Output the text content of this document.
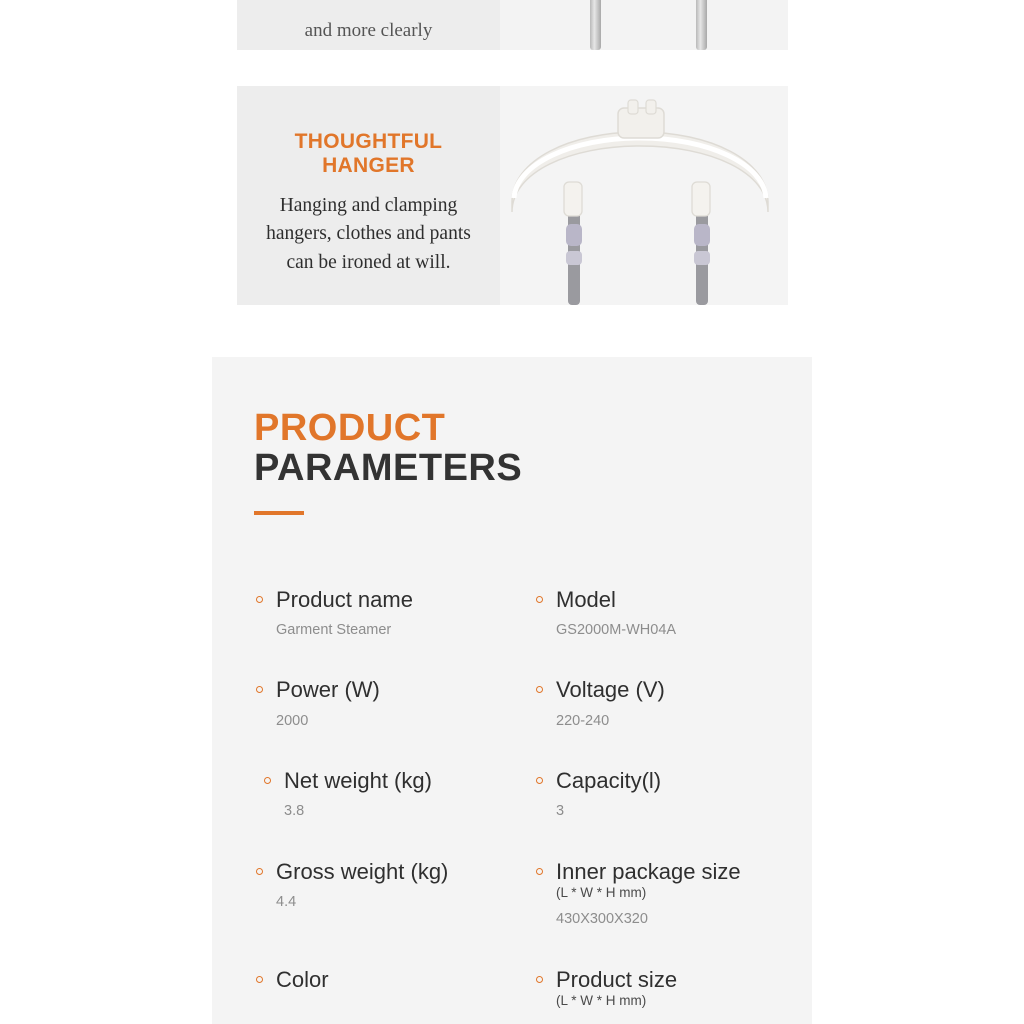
and more clearly
THOUGHTFUL HANGER

Hanging and clamping hangers, clothes and pants can be ironed at will.

PRODUCT
PARAMETERS
Product name
Garment Steamer
Model
GS2000M-WH04A
Power (W)
2000
Voltage (V)
220-240
Net weight (kg)
3.8
Capacity(l)
3
Gross weight (kg)
4.4
Inner package size
(L * W * H mm)
430X300X320
Color	Product size
(L * W * H mm)
